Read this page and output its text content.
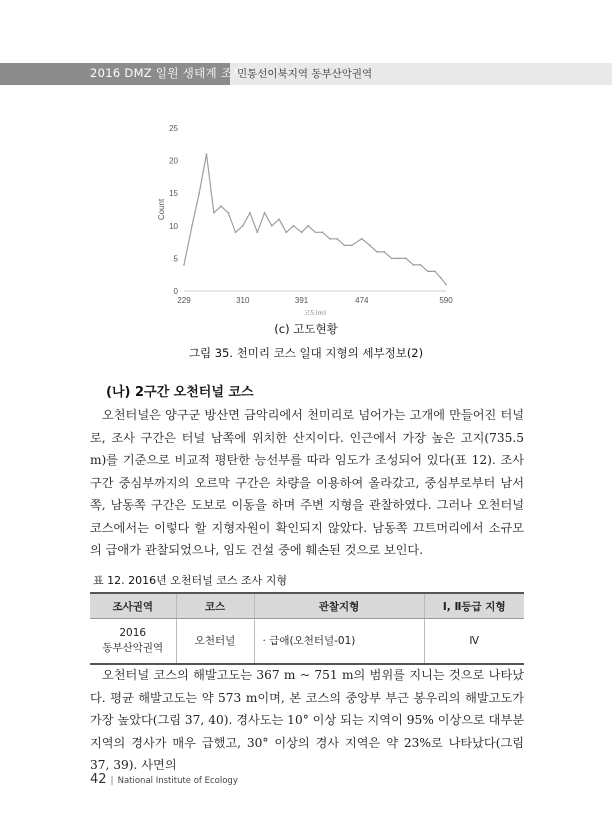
2016 DMZ 일원 생태계 조사
민통선이북지역 동부산악권역
0
5
10
15
20
25
229	310	391	474	590
Count
고도(m)
(c) 고도현황
그림 35. 천미리 코스 일대 지형의 세부정보(2)
(나) 2구간 오천터널 코스

오천터널은 양구군 방산면 금악리에서 천미리로 넘어가는 고개에 만들어진 터널로, 조사 구간은 터널 남쪽에 위치한 산지이다. 인근에서 가장 높은 고지(735.5 m)를 기준으로 비교적 평탄한 능선부를 따라 임도가 조성되어 있다(표 12). 조사 구간 중심부까지의 오르막 구간은 차량을 이용하여 올라갔고, 중심부로부터 남서쪽, 남동쪽 구간은 도보로 이동을 하며 주변 지형을 관찰하였다. 그러나 오천터널 코스에서는 이렇다 할 지형자원이 확인되지 않았다. 남동쪽 끄트머리에서 소규모의 급애가 관찰되었으나, 임도 건설 중에 훼손된 것으로 보인다.

표 12. 2016년 오천터널 코스 조사 지형
조사권역	코스	관찰지형	Ⅰ, Ⅱ등급 지형

2016
동부산악권역	오천터널	· 급애(오천터널-01)	Ⅳ

오천터널 코스의 해발고도는 367 m ~ 751 m의 범위를 지니는 것으로 나타났다. 평균 해발고도는 약 573 m이며, 본 코스의 중앙부 부근 봉우리의 해발고도가 가장 높았다(그림 37, 40). 경사도는 10° 이상 되는 지역이 95% 이상으로 대부분 지역의 경사가 매우 급했고, 30° 이상의 경사 지역은 약 23%로 나타났다(그림 37, 39). 사면의

42 | National Institute of Ecology
